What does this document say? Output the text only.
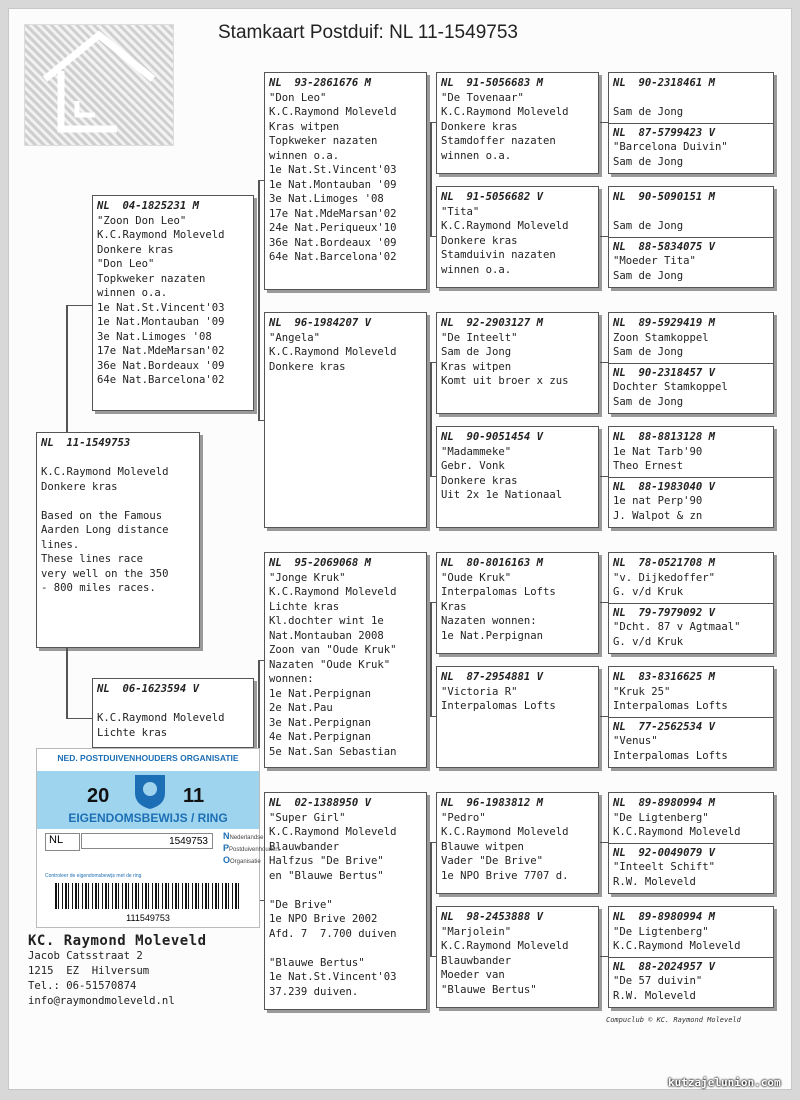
Stamkaart Postduif: NL 11-1549753
NL  11-1549753

K.C.Raymond Moleveld
Donkere kras

Based on the Famous
Aarden Long distance
lines.
These lines race
very well on the 350
- 800 miles races.
NL  04-1825231 M
"Zoon Don Leo"
K.C.Raymond Moleveld
Donkere kras
"Don Leo"
Topkweker nazaten
winnen o.a.
1e Nat.St.Vincent'03
1e Nat.Montauban '09
3e Nat.Limoges '08
17e Nat.MdeMarsan'02
36e Nat.Bordeaux '09
64e Nat.Barcelona'02
NL  06-1623594 V

K.C.Raymond Moleveld
Lichte kras
NL  93-2861676 M
"Don Leo"
K.C.Raymond Moleveld
Kras witpen
Topkweker nazaten
winnen o.a.
1e Nat.St.Vincent'03
1e Nat.Montauban '09
3e Nat.Limoges '08
17e Nat.MdeMarsan'02
24e Nat.Periqueux'10
36e Nat.Bordeaux '09
64e Nat.Barcelona'02
NL  96-1984207 V
"Angela"
K.C.Raymond Moleveld
Donkere kras
NL  95-2069068 M
"Jonge Kruk"
K.C.Raymond Moleveld
Lichte kras
Kl.dochter wint 1e
Nat.Montauban 2008
Zoon van "Oude Kruk"
Nazaten "Oude Kruk"
wonnen:
1e Nat.Perpignan
2e Nat.Pau
3e Nat.Perpignan
4e Nat.Perpignan
5e Nat.San Sebastian
NL  02-1388950 V
"Super Girl"
K.C.Raymond Moleveld
Blauwbander
Halfzus "De Brive"
en "Blauwe Bertus"

"De Brive"
1e NPO Brive 2002
Afd. 7  7.700 duiven

"Blauwe Bertus"
1e Nat.St.Vincent'03
37.239 duiven.
NL  91-5056683 M
"De Tovenaar"
K.C.Raymond Moleveld
Donkere kras
Stamdoffer nazaten
winnen o.a.
NL  91-5056682 V
"Tita"
K.C.Raymond Moleveld
Donkere kras
Stamduivin nazaten
winnen o.a.
NL  92-2903127 M
"De Inteelt"
Sam de Jong
Kras witpen
Komt uit broer x zus
NL  90-9051454 V
"Madammeke"
Gebr. Vonk
Donkere kras
Uit 2x 1e Nationaal
NL  80-8016163 M
"Oude Kruk"
Interpalomas Lofts
Kras
Nazaten wonnen:
1e Nat.Perpignan
NL  87-2954881 V
"Victoria R"
Interpalomas Lofts
NL  96-1983812 M
"Pedro"
K.C.Raymond Moleveld
Blauwe witpen
Vader "De Brive"
1e NPO Brive 7707 d.
NL  98-2453888 V
"Marjolein"
K.C.Raymond Moleveld
Blauwbander
Moeder van
"Blauwe Bertus"
NL  90-2318461 M

Sam de Jong
NL  87-5799423 V
"Barcelona Duivin"
Sam de Jong
NL  90-5090151 M

Sam de Jong
NL  88-5834075 V
"Moeder Tita"
Sam de Jong
NL  89-5929419 M
Zoon Stamkoppel
Sam de Jong
NL  90-2318457 V
Dochter Stamkoppel
Sam de Jong
NL  88-8813128 M
1e Nat Tarb'90
Theo Ernest
NL  88-1983040 V
1e nat Perp'90
J. Walpot & zn
NL  78-0521708 M
"v. Dijkedoffer"
G. v/d Kruk
NL  79-7979092 V
"Dcht. 87 v Agtmaal"
G. v/d Kruk
NL  83-8316625 M
"Kruk 25"
Interpalomas Lofts
NL  77-2562534 V
"Venus"
Interpalomas Lofts
NL  89-8980994 M
"De Ligtenberg"
K.C.Raymond Moleveld
NL  92-0049079 V
"Inteelt Schift"
R.W. Moleveld
NL  89-8980994 M
"De Ligtenberg"
K.C.Raymond Moleveld
NL  88-2024957 V
"De 57 duivin"
R.W. Moleveld
NED. POSTDUIVENHOUDERS ORGANISATIE
20	11
EIGENDOMSBEWIJS / RING
NL	1549753	NNederlandse
PPostduivenhouders
OOrganisatie
Controleer de eigendomsbewijs met de ring
111549753
KC. Raymond Moleveld
Jacob Catsstraat 2
1215  EZ  Hilversum
Tel.: 06-51570874
info@raymondmoleveld.nl
Compuclub © KC. Raymond Moleveld
kutzajelunion.com
